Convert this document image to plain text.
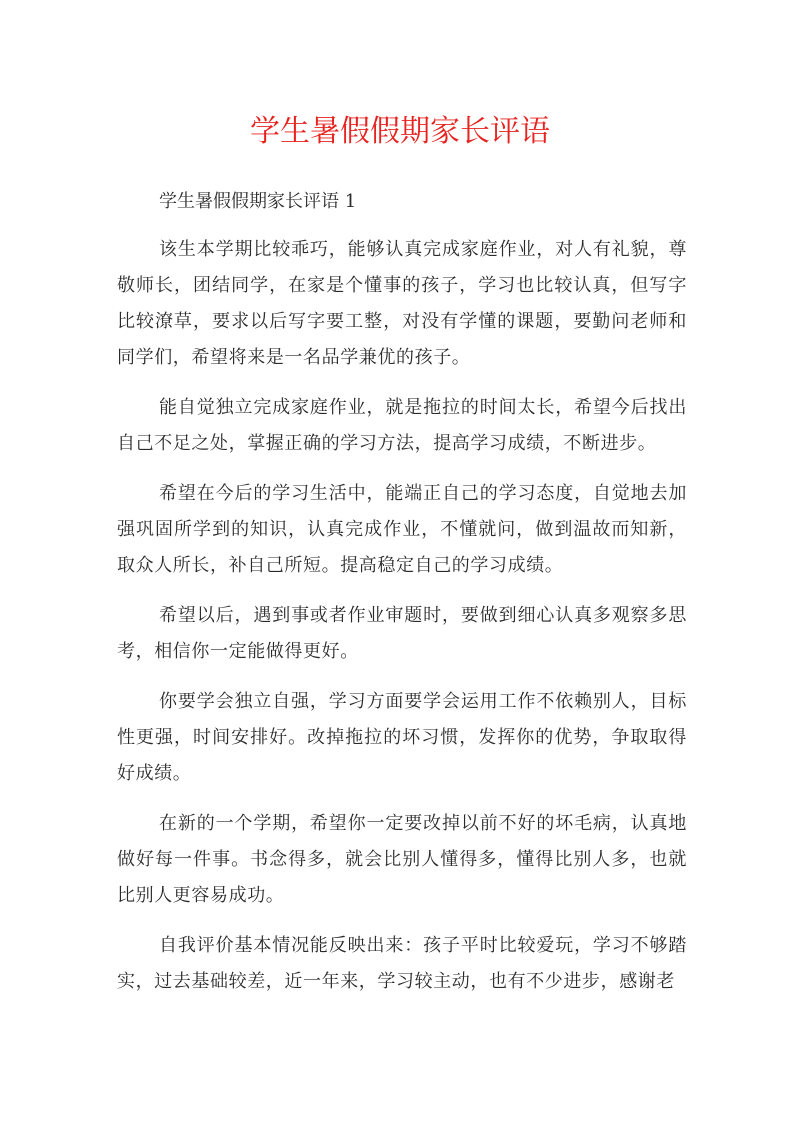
学生暑假假期家长评语

学生暑假假期家长评语 1

该生本学期比较乖巧，能够认真完成家庭作业，对人有礼貌，尊敬师长，团结同学，在家是个懂事的孩子，学习也比较认真，但写字比较潦草，要求以后写字要工整，对没有学懂的课题，要勤问老师和同学们，希望将来是一名品学兼优的孩子。

能自觉独立完成家庭作业，就是拖拉的时间太长，希望今后找出自己不足之处，掌握正确的学习方法，提高学习成绩，不断进步。

希望在今后的学习生活中，能端正自己的学习态度，自觉地去加强巩固所学到的知识，认真完成作业，不懂就问，做到温故而知新，取众人所长，补自己所短。提高稳定自己的学习成绩。

希望以后，遇到事或者作业审题时，要做到细心认真多观察多思考，相信你一定能做得更好。

你要学会独立自强，学习方面要学会运用工作不依赖别人，目标性更强，时间安排好。改掉拖拉的坏习惯，发挥你的优势，争取取得好成绩。

在新的一个学期，希望你一定要改掉以前不好的坏毛病，认真地做好每一件事。书念得多，就会比别人懂得多，懂得比别人多，也就比别人更容易成功。

自我评价基本情况能反映出来：孩子平时比较爱玩，学习不够踏实，过去基础较差，近一年来，学习较主动，也有不少进步，感谢老
